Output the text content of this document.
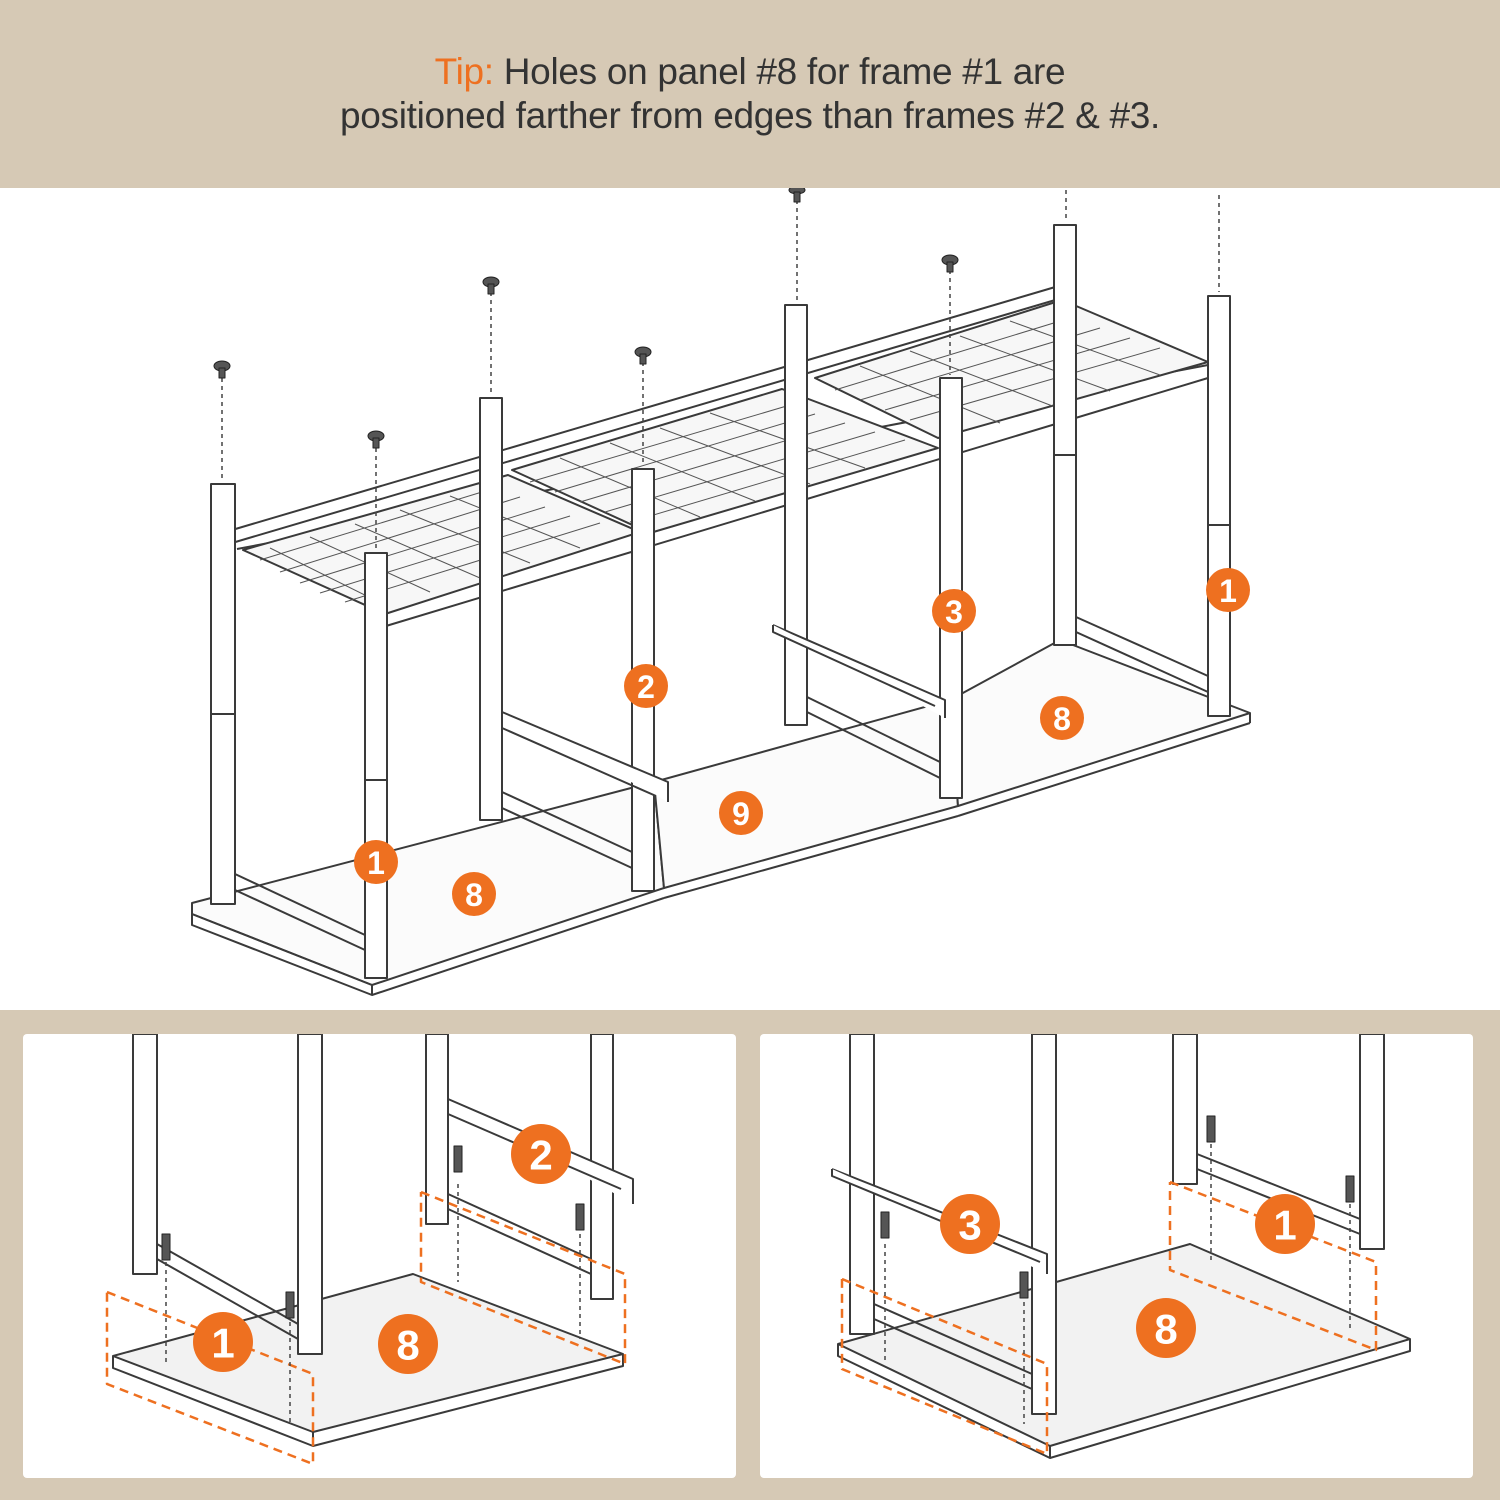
Tip: Holes on panel #8 for frame #1 are
positioned farther from edges than frames #2 & #3.
1
8
2
9
3
8
1
1
2
8
3	1
8
